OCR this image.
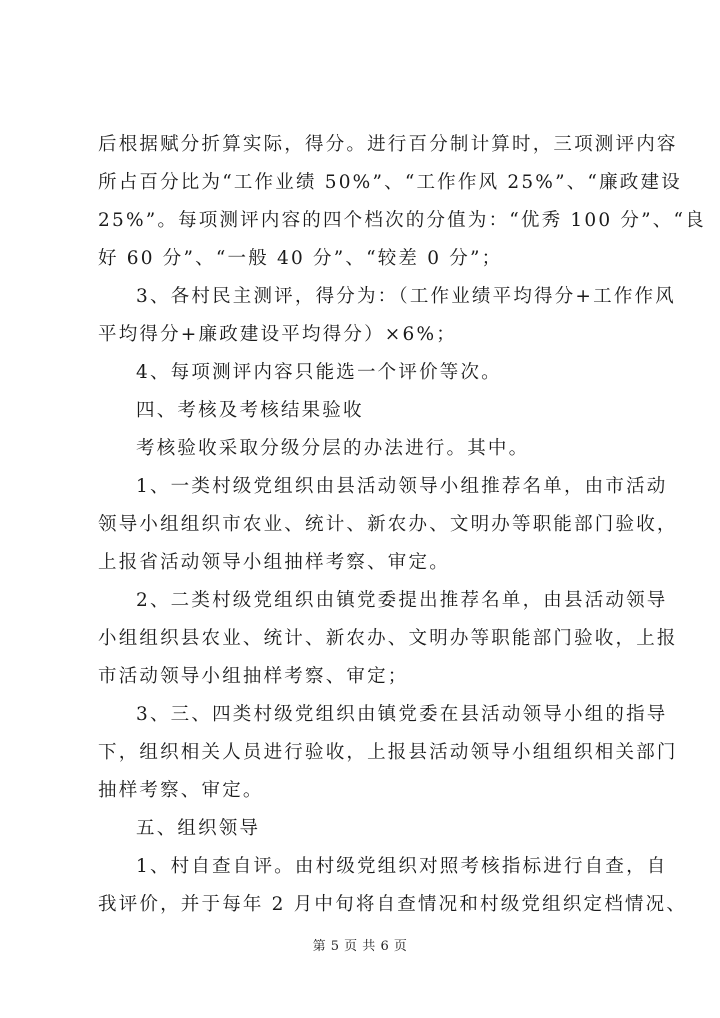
后根据赋分折算实际，得分。进行百分制计算时，三项测评内容
所占百分比为“工作业绩 50%”、“工作作风 25%”、“廉政建设
25%”。每项测评内容的四个档次的分值为：“优秀 100 分”、“良
好 60 分”、“一般 40 分”、“较差 0 分”；
3、各村民主测评，得分为：（工作业绩平均得分+工作作风
平均得分+廉政建设平均得分）×6%；
4、每项测评内容只能选一个评价等次。
四、考核及考核结果验收
考核验收采取分级分层的办法进行。其中。
1、一类村级党组织由县活动领导小组推荐名单，由市活动
领导小组组织市农业、统计、新农办、文明办等职能部门验收，
上报省活动领导小组抽样考察、审定。
2、二类村级党组织由镇党委提出推荐名单，由县活动领导
小组组织县农业、统计、新农办、文明办等职能部门验收，上报
市活动领导小组抽样考察、审定；
3、三、四类村级党组织由镇党委在县活动领导小组的指导
下，组织相关人员进行验收，上报县活动领导小组组织相关部门
抽样考察、审定。
五、组织领导
1、村自查自评。由村级党组织对照考核指标进行自查，自
我评价，并于每年 2 月中旬将自查情况和村级党组织定档情况、
第 5 页 共 6 页
